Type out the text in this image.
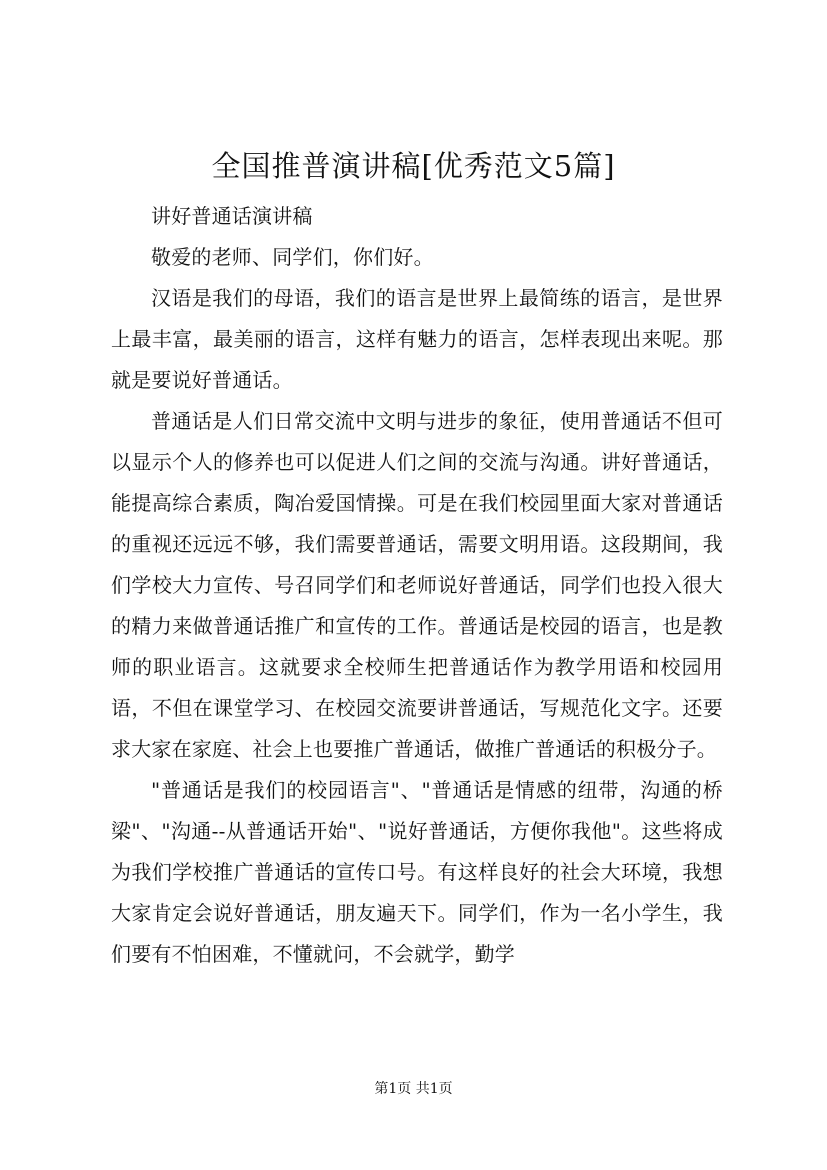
全国推普演讲稿[优秀范文5篇]

讲好普通话演讲稿

敬爱的老师、同学们，你们好。

汉语是我们的母语，我们的语言是世界上最简练的语言，是世界上最丰富，最美丽的语言，这样有魅力的语言，怎样表现出来呢。那就是要说好普通话。

普通话是人们日常交流中文明与进步的象征，使用普通话不但可以显示个人的修养也可以促进人们之间的交流与沟通。讲好普通话，能提高综合素质，陶冶爱国情操。可是在我们校园里面大家对普通话的重视还远远不够，我们需要普通话，需要文明用语。这段期间，我们学校大力宣传、号召同学们和老师说好普通话，同学们也投入很大的精力来做普通话推广和宣传的工作。普通话是校园的语言，也是教师的职业语言。这就要求全校师生把普通话作为教学用语和校园用语，不但在课堂学习、在校园交流要讲普通话，写规范化文字。还要求大家在家庭、社会上也要推广普通话，做推广普通话的积极分子。

"普通话是我们的校园语言"、"普通话是情感的纽带，沟通的桥梁"、"沟通--从普通话开始"、"说好普通话，方便你我他"。这些将成为我们学校推广普通话的宣传口号。有这样良好的社会大环境，我想大家肯定会说好普通话，朋友遍天下。同学们，作为一名小学生，我们要有不怕困难，不懂就问，不会就学，勤学

第1页 共1页
